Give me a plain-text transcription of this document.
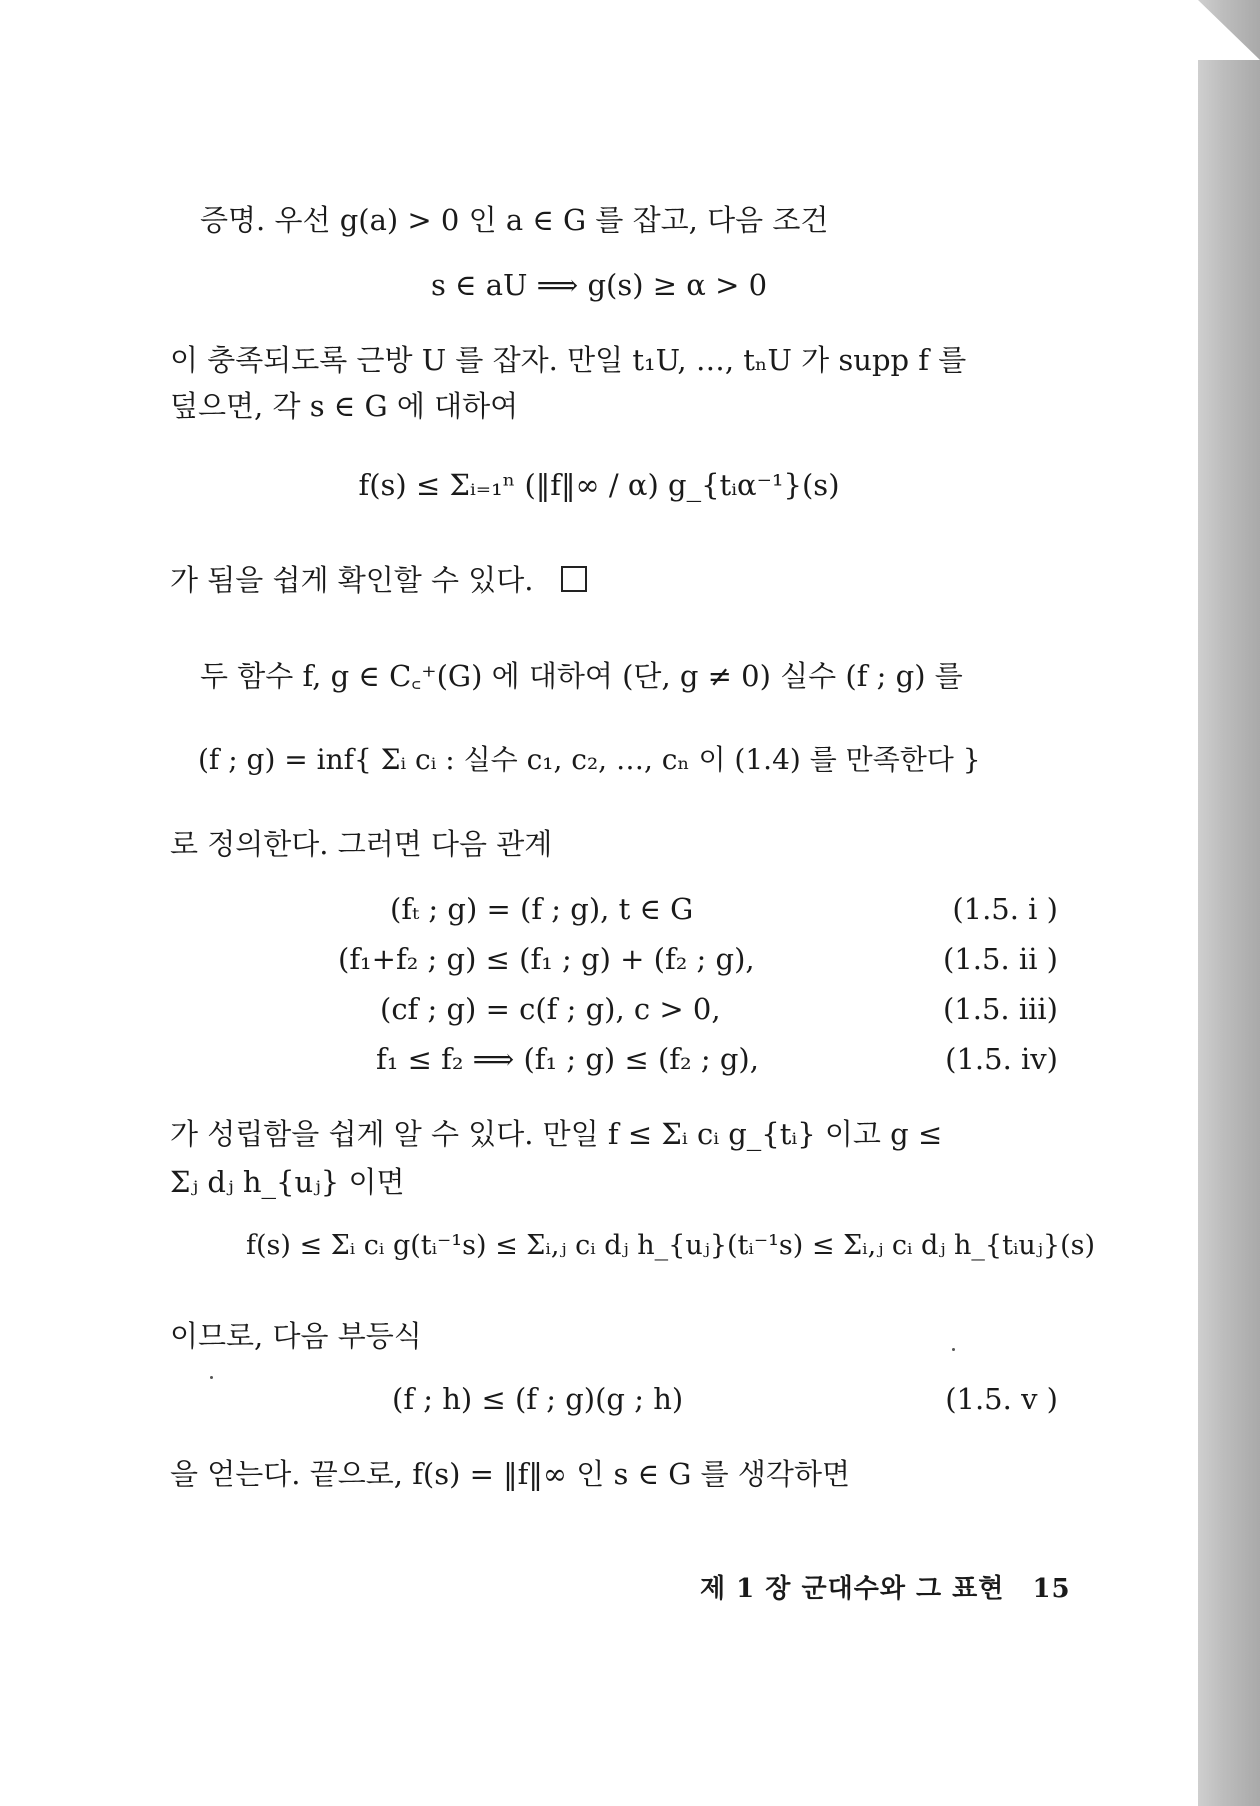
증명. 우선 g(a) > 0 인 a ∈ G 를 잡고, 다음 조건
s ∈ aU ⟹ g(s) ≥ α > 0
이 충족되도록 근방 U 를 잡자. 만일 t₁U, …, tₙU 가 supp f 를
덮으면, 각 s ∈ G 에 대하여
f(s) ≤ Σᵢ₌₁ⁿ (‖f‖∞ / α) g_{tᵢα⁻¹}(s)
가 됨을 쉽게 확인할 수 있다.
두 함수 f, g ∈ C꜀⁺(G) 에 대하여 (단, g ≠ 0) 실수 (f ; g) 를
(f ; g) = inf{ Σᵢ cᵢ : 실수 c₁, c₂, …, cₙ 이 (1.4) 를 만족한다 }
로 정의한다. 그러면 다음 관계
(fₜ ; g) = (f ; g), t ∈ G	(1.5. i )
(f₁+f₂ ; g) ≤ (f₁ ; g) + (f₂ ; g),	(1.5. ii )
(cf ; g) = c(f ; g), c > 0,	(1.5. iii)
f₁ ≤ f₂ ⟹ (f₁ ; g) ≤ (f₂ ; g),	(1.5. iv)
가 성립함을 쉽게 알 수 있다. 만일 f ≤ Σᵢ cᵢ g_{tᵢ} 이고 g ≤
Σⱼ dⱼ h_{uⱼ} 이면
f(s) ≤ Σᵢ cᵢ g(tᵢ⁻¹s) ≤ Σᵢ,ⱼ cᵢ dⱼ h_{uⱼ}(tᵢ⁻¹s) ≤ Σᵢ,ⱼ cᵢ dⱼ h_{tᵢuⱼ}(s)
이므로, 다음 부등식
(f ; h) ≤ (f ; g)(g ; h)	(1.5. v )
을 얻는다. 끝으로, f(s) = ‖f‖∞ 인 s ∈ G 를 생각하면
제 1 장 군대수와 그 표현 15
